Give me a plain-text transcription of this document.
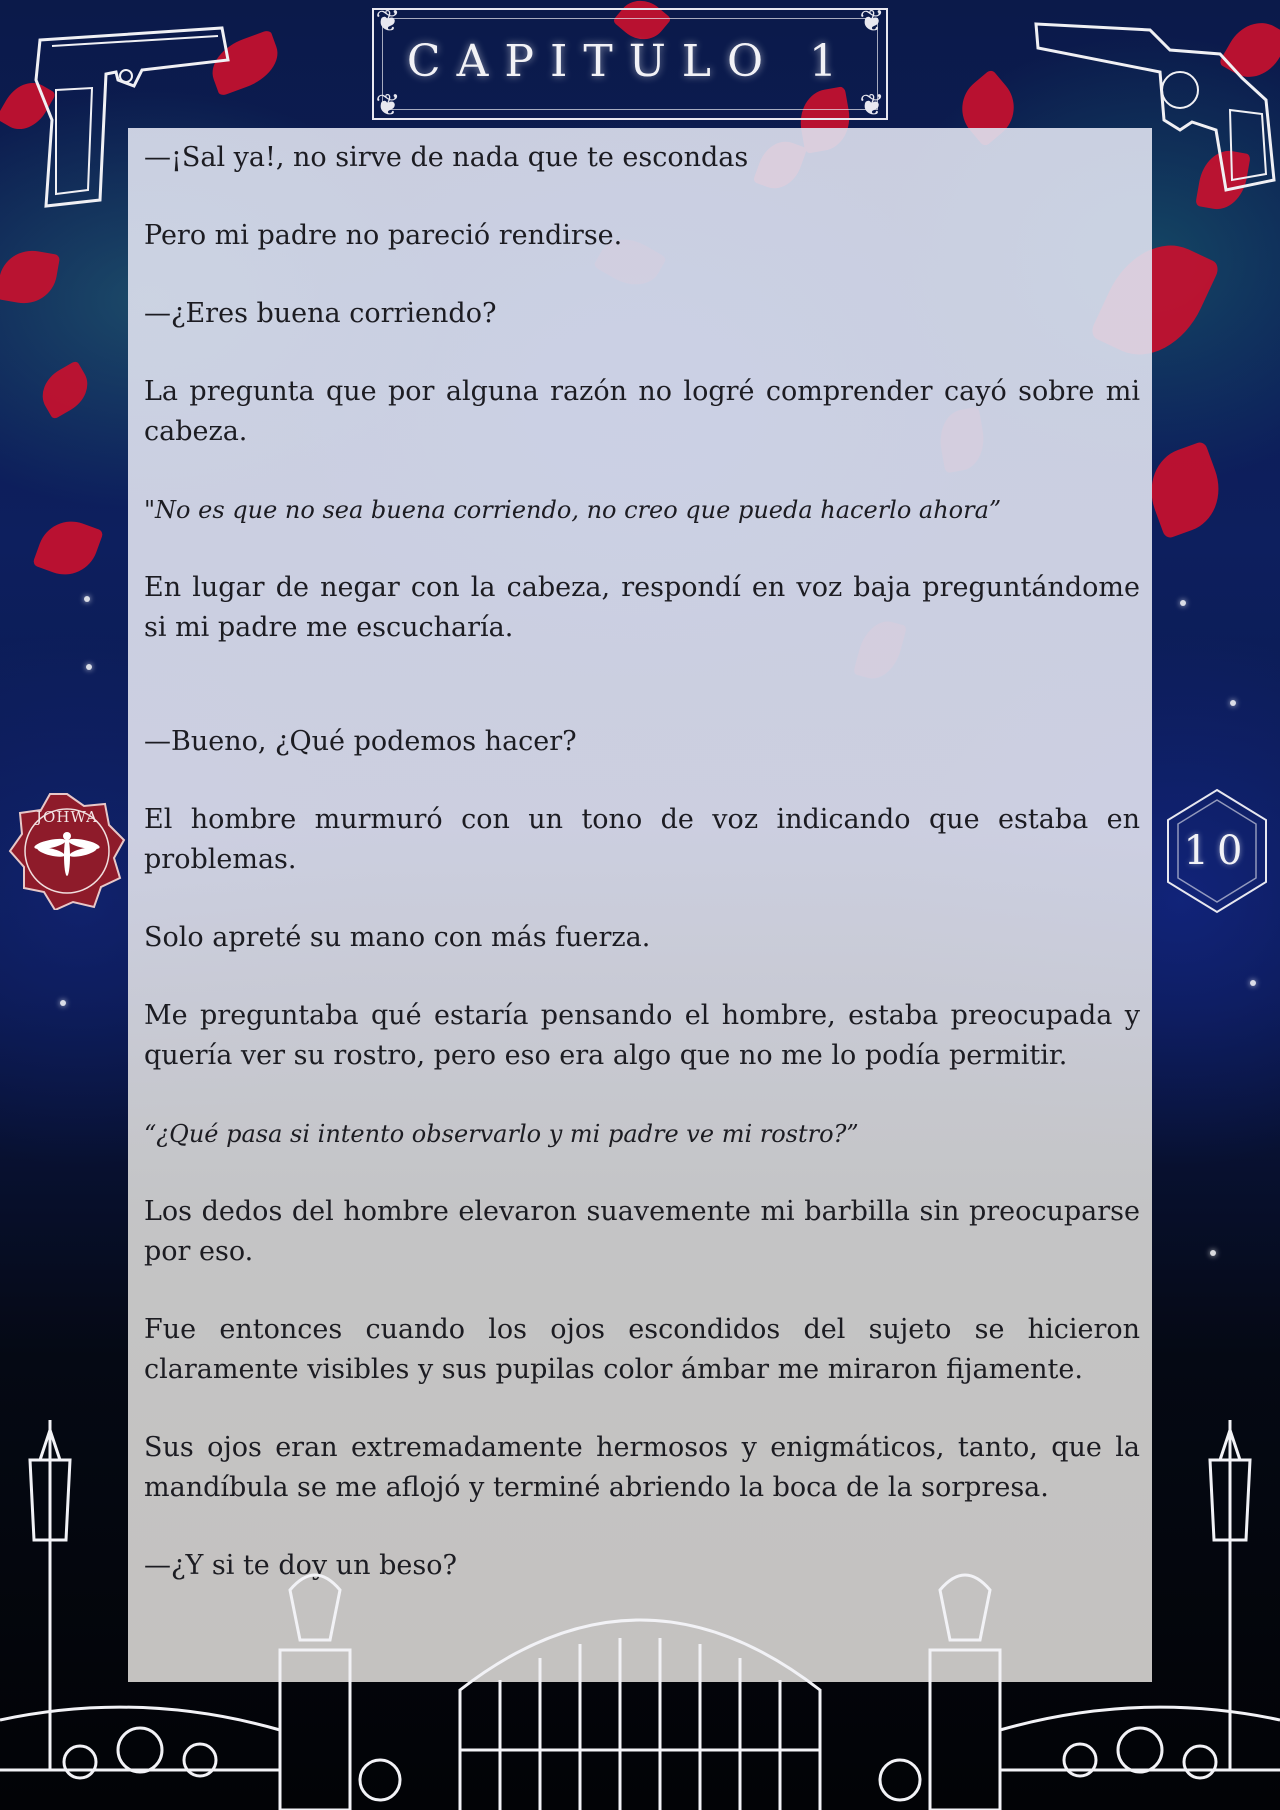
❦	❦
❦	❦
CAPITULO 1

—¡Sal ya!, no sirve de nada que te escondas

Pero mi padre no pareció rendirse.

—¿Eres buena corriendo?

La pregunta que por alguna razón no logré comprender cayó sobre mi cabeza.

"No es que no sea buena corriendo, no creo que pueda hacerlo ahora”

En lugar de negar con la cabeza, respondí en voz baja preguntándome si mi padre me escucharía.

—Bueno, ¿Qué podemos hacer?

El hombre murmuró con un tono de voz indicando que estaba en problemas.

Solo apreté su mano con más fuerza.

Me preguntaba qué estaría pensando el hombre, estaba preocupada y quería ver su rostro, pero eso era algo que no me lo podía permitir.

“¿Qué pasa si intento observarlo y mi padre ve mi rostro?”

Los dedos del hombre elevaron suavemente mi barbilla sin preocuparse por eso.

Fue entonces cuando los ojos escondidos del sujeto se hicieron claramente visibles y sus pupilas color ámbar me miraron fijamente.

Sus ojos eran extremadamente hermosos y enigmáticos, tanto, que la mandíbula se me aflojó y terminé abriendo la boca de la sorpresa.

—¿Y si te doy un beso?

JOHWA
10
